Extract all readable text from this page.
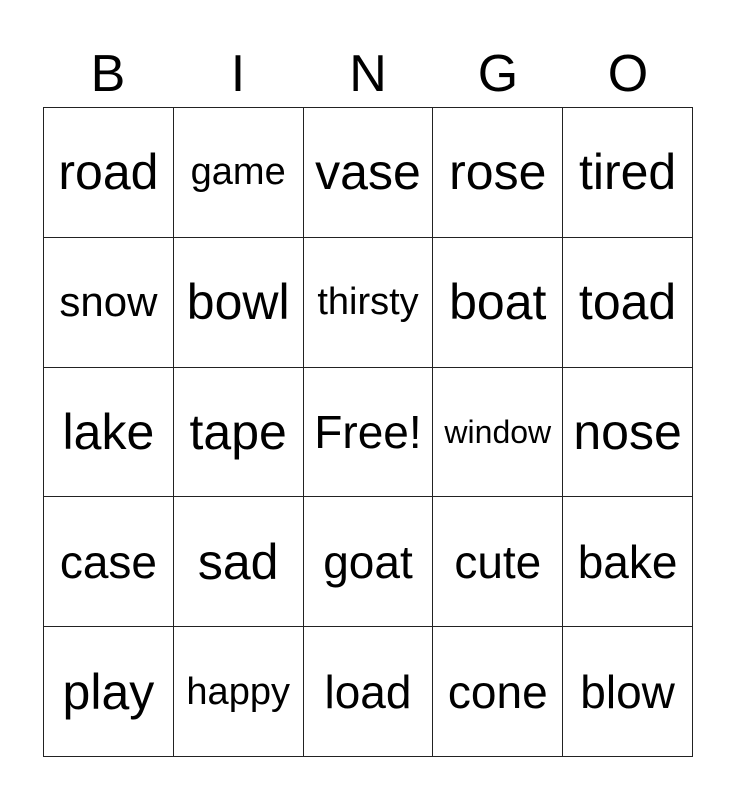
B	I	N	G	O
road game vase rose tired
snow bowl thirsty boat toad
lake tape Free! window nose
case sad goat cute bake
play happy load cone blow
